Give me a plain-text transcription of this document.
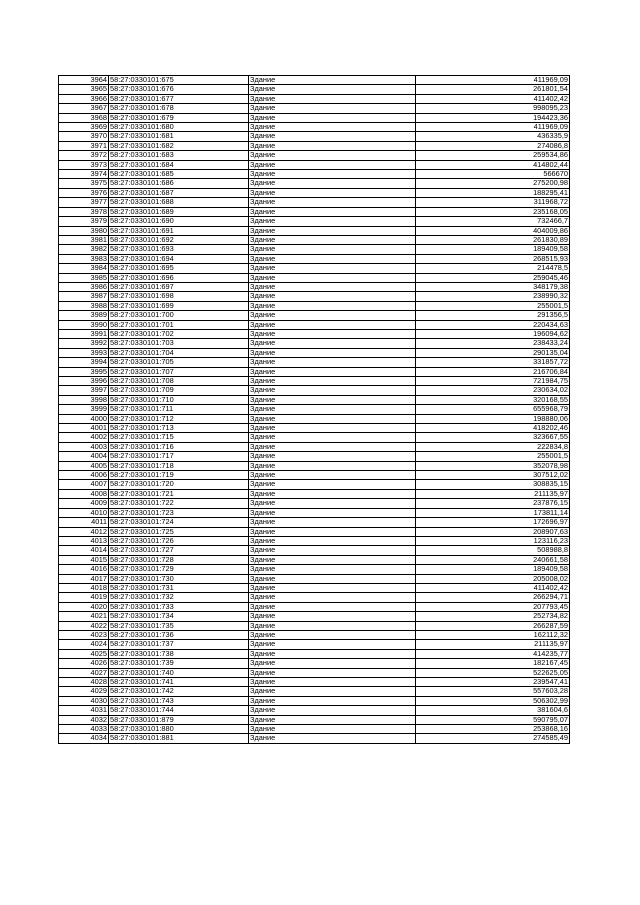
3964	58:27:0330101:675	Здание	411969,09
3965	58:27:0330101:676	Здание	261801,54
3966	58:27:0330101:677	Здание	411402,42
3967	58:27:0330101:678	Здание	998095,23
3968	58:27:0330101:679	Здание	194423,36
3969	58:27:0330101:680	Здание	411969,09
3970	58:27:0330101:681	Здание	436335,9
3971	58:27:0330101:682	Здание	274086,8
3972	58:27:0330101:683	Здание	259534,86
3973	58:27:0330101:684	Здание	414802,44
3974	58:27:0330101:685	Здание	566670
3975	58:27:0330101:686	Здание	275200,98
3976	58:27:0330101:687	Здание	188295,41
3977	58:27:0330101:688	Здание	311968,72
3978	58:27:0330101:689	Здание	235168,05
3979	58:27:0330101:690	Здание	732466,7
3980	58:27:0330101:691	Здание	404009,86
3981	58:27:0330101:692	Здание	261830,89
3982	58:27:0330101:693	Здание	189409,58
3983	58:27:0330101:694	Здание	268515,93
3984	58:27:0330101:695	Здание	214478,5
3985	58:27:0330101:696	Здание	259045,46
3986	58:27:0330101:697	Здание	348179,38
3987	58:27:0330101:698	Здание	238990,32
3988	58:27:0330101:699	Здание	255001,5
3989	58:27:0330101:700	Здание	291356,5
3990	58:27:0330101:701	Здание	220434,63
3991	58:27:0330101:702	Здание	196094,62
3992	58:27:0330101:703	Здание	238433,24
3993	58:27:0330101:704	Здание	290135,04
3994	58:27:0330101:705	Здание	331857,72
3995	58:27:0330101:707	Здание	216706,84
3996	58:27:0330101:708	Здание	721984,75
3997	58:27:0330101:709	Здание	230634,02
3998	58:27:0330101:710	Здание	320168,55
3999	58:27:0330101:711	Здание	655968,79
4000	58:27:0330101:712	Здание	198880,06
4001	58:27:0330101:713	Здание	418202,46
4002	58:27:0330101:715	Здание	323667,55
4003	58:27:0330101:716	Здание	222834,8
4004	58:27:0330101:717	Здание	255001,5
4005	58:27:0330101:718	Здание	352078,98
4006	58:27:0330101:719	Здание	307512,02
4007	58:27:0330101:720	Здание	308835,15
4008	58:27:0330101:721	Здание	211135,97
4009	58:27:0330101:722	Здание	237876,15
4010	58:27:0330101:723	Здание	173811,14
4011	58:27:0330101:724	Здание	172696,97
4012	58:27:0330101:725	Здание	208907,63
4013	58:27:0330101:726	Здание	123116,23
4014	58:27:0330101:727	Здание	508988,8
4015	58:27:0330101:728	Здание	240661,58
4016	58:27:0330101:729	Здание	189409,58
4017	58:27:0330101:730	Здание	205008,02
4018	58:27:0330101:731	Здание	411402,42
4019	58:27:0330101:732	Здание	266294,71
4020	58:27:0330101:733	Здание	207793,45
4021	58:27:0330101:734	Здание	252734,82
4022	58:27:0330101:735	Здание	266287,59
4023	58:27:0330101:736	Здание	162112,32
4024	58:27:0330101:737	Здание	211135,97
4025	58:27:0330101:738	Здание	414235,77
4026	58:27:0330101:739	Здание	182167,45
4027	58:27:0330101:740	Здание	522625,05
4028	58:27:0330101:741	Здание	239547,41
4029	58:27:0330101:742	Здание	557603,28
4030	58:27:0330101:743	Здание	506302,99
4031	58:27:0330101:744	Здание	381604,6
4032	58:27:0330101:879	Здание	590795,07
4033	58:27:0330101:880	Здание	253868,16
4034	58:27:0330101:881	Здание	274585,49
